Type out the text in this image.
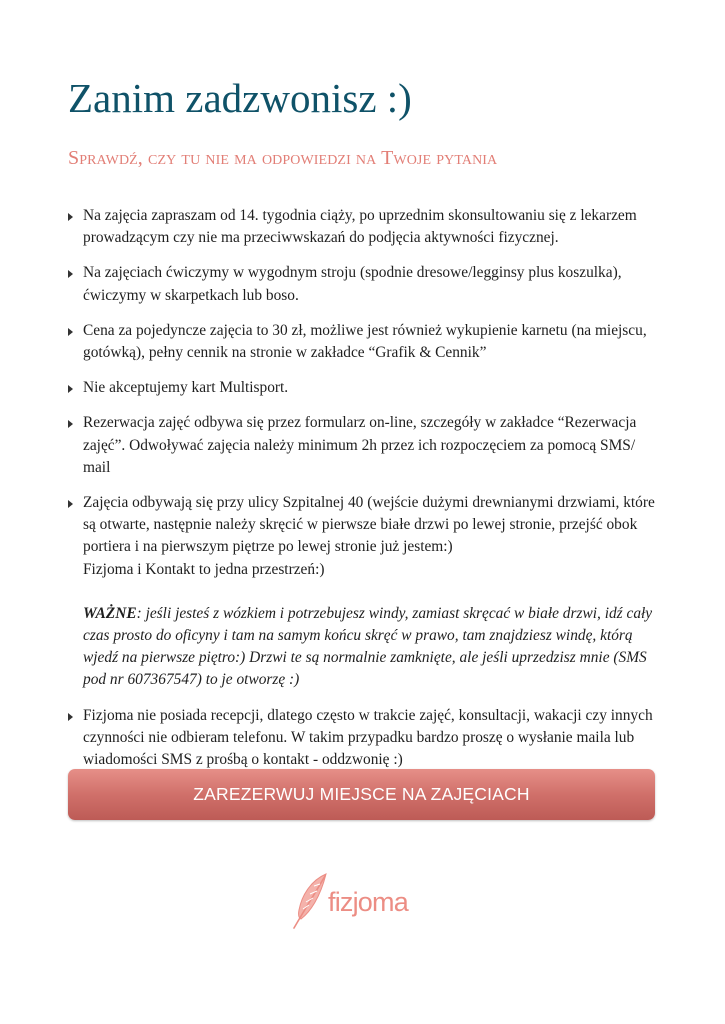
Zanim zadzwonisz :)
Sprawdź, czy tu nie ma odpowiedzi na Twoje pytania

Na zajęcia zapraszam od 14. tygodnia ciąży, po uprzednim skonsultowaniu się z lekarzem prowadzącym czy nie ma przeciwwskazań do podjęcia aktywności fizycznej.

Na zajęciach ćwiczymy w wygodnym stroju (spodnie dresowe/legginsy plus koszulka), ćwiczymy w skarpetkach lub boso.

Cena za pojedyncze zajęcia to 30 zł, możliwe jest również wykupienie karnetu (na miejscu, gotówką), pełny cennik na stronie w zakładce “Grafik & Cennik”

Nie akceptujemy kart Multisport.

Rezerwacja zajęć odbywa się przez formularz on-line, szczegóły w zakładce “Rezerwacja zajęć”. Odwoływać zajęcia należy minimum 2h przez ich rozpoczęciem za pomocą SMS/ mail

Zajęcia odbywają się przy ulicy Szpitalnej 40 (wejście dużymi drewnianymi drzwiami, które są otwarte, następnie należy skręcić w pierwsze białe drzwi po lewej stronie, przejść obok portiera i na pierwszym piętrze po lewej stronie już jestem:)

Fizjoma i Kontakt to jedna przestrzeń:)

WAŻNE: jeśli jesteś z wózkiem i potrzebujesz windy, zamiast skręcać w białe drzwi, idź cały czas prosto do oficyny i tam na samym końcu skręć w prawo, tam znajdziesz windę, którą wjedź na pierwsze piętro:) Drzwi te są normalnie zamknięte, ale jeśli uprzedzisz mnie (SMS pod nr 607367547) to je otworzę :)

Fizjoma nie posiada recepcji, dlatego często w trakcie zajęć, konsultacji, wakacji czy innych czynności nie odbieram telefonu. W takim przypadku bardzo proszę o wysłanie maila lub wiadomości SMS z prośbą o kontakt - oddzwonię :)

ZAREZERWUJ MIEJSCE NA ZAJĘCIACH
fizjoma
